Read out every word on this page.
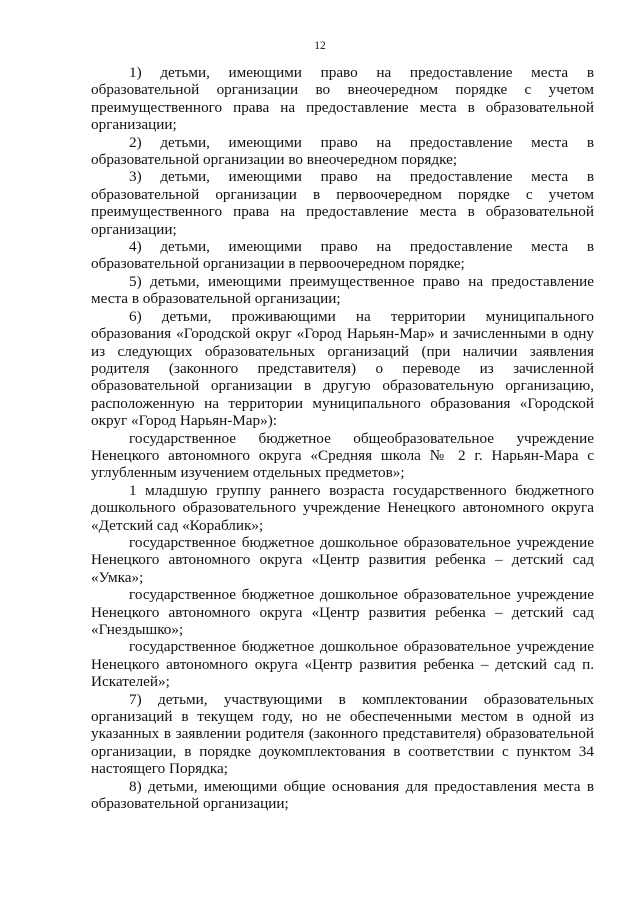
12

1) детьми, имеющими право на предоставление места в образовательной организации во внеочередном порядке с учетом преимущественного права на предоставление места в образовательной организации;

2) детьми, имеющими право на предоставление места в образовательной организации во внеочередном порядке;

3) детьми, имеющими право на предоставление места в образовательной организации в первоочередном порядке с учетом преимущественного права на предоставление места в образовательной организации;

4) детьми, имеющими право на предоставление места в образовательной организации в первоочередном порядке;

5) детьми, имеющими преимущественное право на предоставление места в образовательной организации;

6) детьми, проживающими на территории муниципального образования «Городской округ «Город Нарьян-Мар» и зачисленными в одну из следующих образовательных организаций (при наличии заявления родителя (законного представителя) о переводе из зачисленной образовательной организации в другую образовательную организацию, расположенную на территории муниципального образования «Городской округ «Город Нарьян-Мар»):

государственное бюджетное общеобразовательное учреждение Ненецкого автономного округа «Средняя школа № 2 г. Нарьян-Мара с углубленным изучением отдельных предметов»;

1 младшую группу раннего возраста государственного бюджетного дошкольного образовательного учреждение Ненецкого автономного округа «Детский сад «Кораблик»;

государственное бюджетное дошкольное образовательное учреждение Ненецкого автономного округа «Центр развития ребенка – детский сад «Умка»;

государственное бюджетное дошкольное образовательное учреждение Ненецкого автономного округа «Центр развития ребенка – детский сад «Гнездышко»;

государственное бюджетное дошкольное образовательное учреждение Ненецкого автономного округа «Центр развития ребенка – детский сад п. Искателей»;

7) детьми, участвующими в комплектовании образовательных организаций в текущем году, но не обеспеченными местом в одной из указанных в заявлении родителя (законного представителя) образовательной организации, в порядке доукомплектования в соответствии с пунктом 34 настоящего Порядка;

8) детьми, имеющими общие основания для предоставления места в образовательной организации;
